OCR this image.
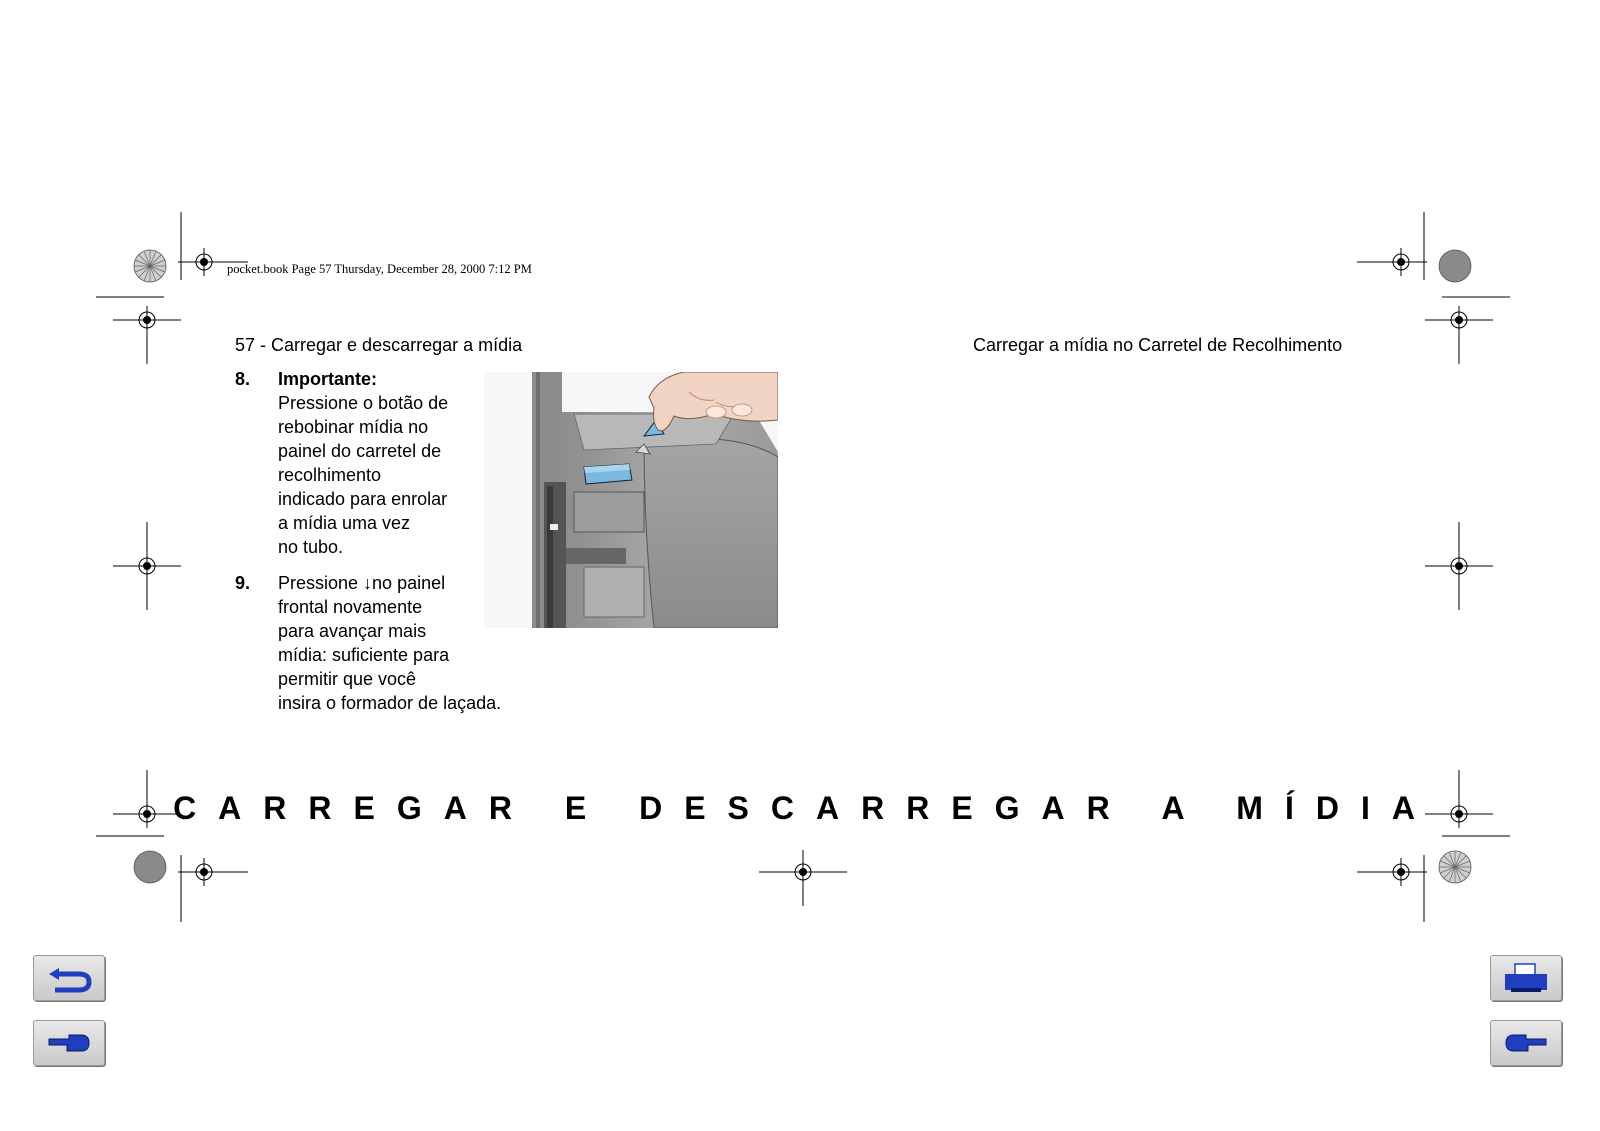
pocket.book Page 57 Thursday, December 28, 2000 7:12 PM
57 - Carregar e descarregar a mídia	Carregar a mídia no Carretel de Recolhimento
8. Importante:
Pressione o botão de
rebobinar mídia no
painel do carretel de
recolhimento
indicado para enrolar
a mídia uma vez
no tubo.
9. Pressione ↓no painel
frontal novamente
para avançar mais
mídia: suficiente para
permitir que você
insira o formador de laçada.
CARREGAR E DESCARREGAR A MÍDIA
